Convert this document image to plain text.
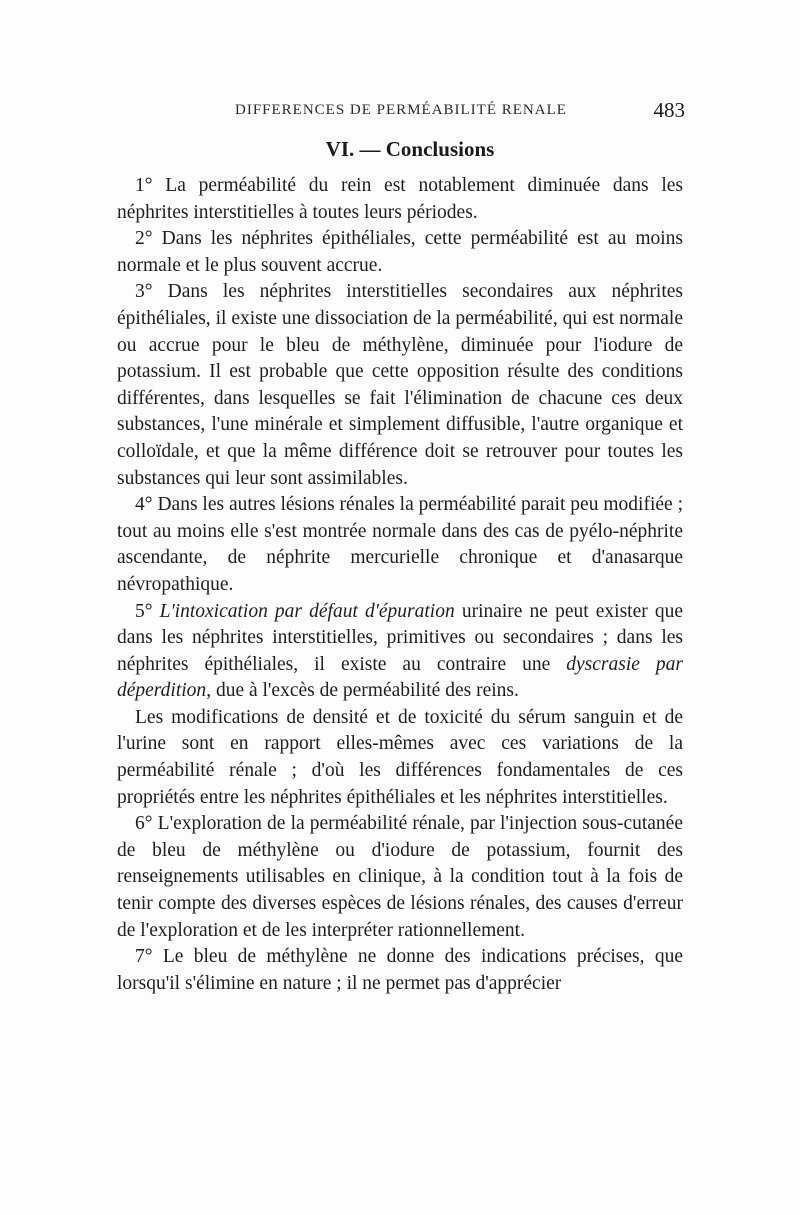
DIFFERENCES DE PERMÉABILITÉ RENALE	483
VI. — Conclusions

1° La perméabilité du rein est notablement diminuée dans les néphrites interstitielles à toutes leurs périodes.

2° Dans les néphrites épithéliales, cette perméabilité est au moins normale et le plus souvent accrue.

3° Dans les néphrites interstitielles secondaires aux néphrites épithéliales, il existe une dissociation de la perméabilité, qui est normale ou accrue pour le bleu de méthylène, diminuée pour l'iodure de potassium. Il est probable que cette opposition résulte des conditions différentes, dans lesquelles se fait l'élimination de chacune ces deux substances, l'une minérale et simplement diffusible, l'autre organique et colloïdale, et que la même différence doit se retrouver pour toutes les substances qui leur sont assimilables.

4° Dans les autres lésions rénales la perméabilité parait peu modifiée ; tout au moins elle s'est montrée normale dans des cas de pyélo-néphrite ascendante, de néphrite mercurielle chronique et d'anasarque névropathique.

5° L'intoxication par défaut d'épuration urinaire ne peut exister que dans les néphrites interstitielles, primitives ou secondaires ; dans les néphrites épithéliales, il existe au contraire une dyscrasie par déperdition, due à l'excès de perméabilité des reins.

Les modifications de densité et de toxicité du sérum sanguin et de l'urine sont en rapport elles-mêmes avec ces variations de la perméabilité rénale ; d'où les différences fondamentales de ces propriétés entre les néphrites épithéliales et les néphrites interstitielles.

6° L'exploration de la perméabilité rénale, par l'injection sous-cutanée de bleu de méthylène ou d'iodure de potassium, fournit des renseignements utilisables en clinique, à la condition tout à la fois de tenir compte des diverses espèces de lésions rénales, des causes d'erreur de l'exploration et de les interpréter rationnellement.

7° Le bleu de méthylène ne donne des indications précises, que lorsqu'il s'élimine en nature ; il ne permet pas d'apprécier
